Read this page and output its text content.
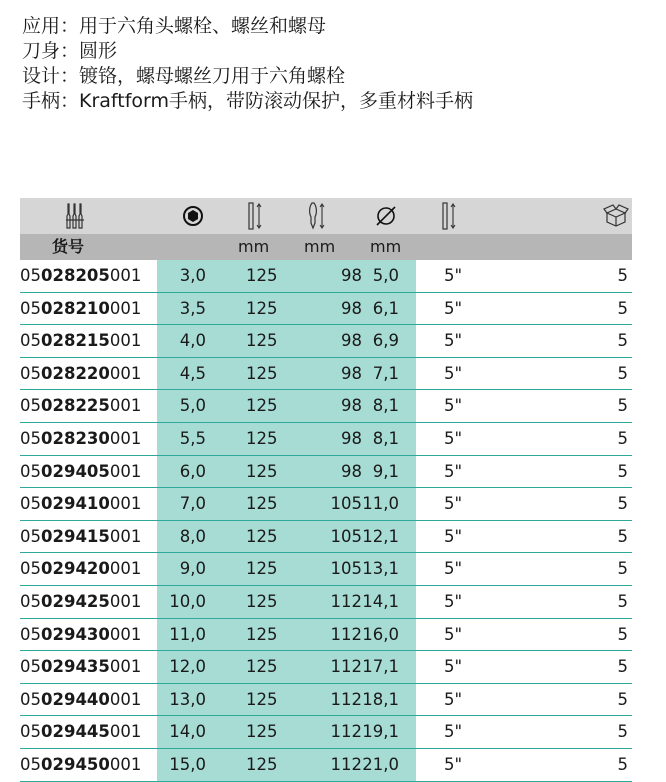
应用：用于六角头螺栓、螺丝和螺母
刀身：圆形
设计：镀铬，螺母螺丝刀用于六角螺栓
手柄：Kraftform手柄，带防滚动保护，多重材料手柄
货号	mm mm mm
05028205001	3,0 125	98 5,0	5"	5
05028210001	3,5 125	98 6,1	5"	5
05028215001	4,0 125	98 6,9	5"	5
05028220001	4,5 125	98 7,1	5"	5
05028225001	5,0 125	98 8,1	5"	5
05028230001	5,5 125	98 8,1	5"	5
05029405001	6,0 125	98 9,1	5"	5
05029410001	7,0 125	105 11,0	5"	5
05029415001	8,0 125	105 12,1	5"	5
05029420001	9,0 125	105 13,1	5"	5
05029425001	10,0 125	112 14,1	5"	5
05029430001	11,0 125	112 16,0	5"	5
05029435001	12,0 125	112 17,1	5"	5
05029440001	13,0 125	112 18,1	5"	5
05029445001	14,0 125	112 19,1	5"	5
05029450001	15,0 125	112 21,0	5"	5
